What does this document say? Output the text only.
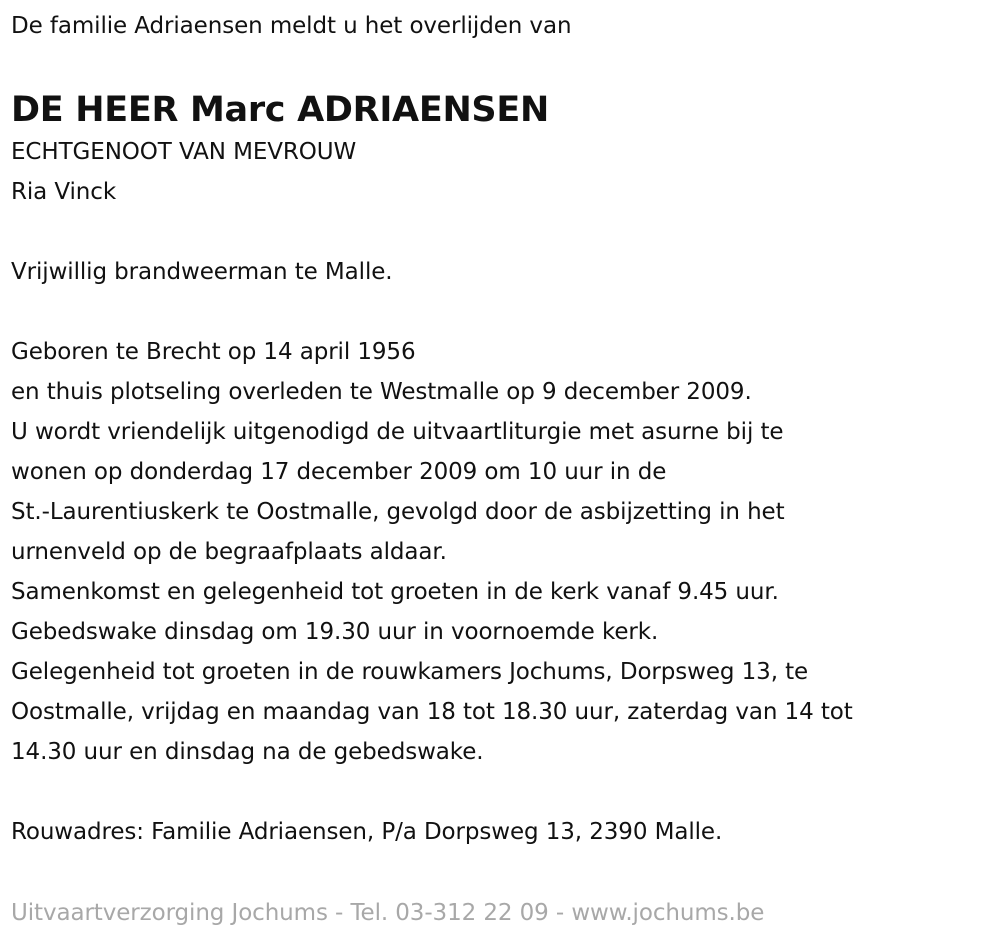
De familie Adriaensen meldt u het overlijden van
DE HEER Marc ADRIAENSEN
ECHTGENOOT VAN MEVROUW
Ria Vinck
Vrijwillig brandweerman te Malle.
Geboren te Brecht op 14 april 1956
en thuis plotseling overleden te Westmalle op 9 december 2009.
U wordt vriendelijk uitgenodigd de uitvaartliturgie met asurne bij te
wonen op donderdag 17 december 2009 om 10 uur in de
St.-Laurentiuskerk te Oostmalle, gevolgd door de asbijzetting in het
urnenveld op de begraafplaats aldaar.
Samenkomst en gelegenheid tot groeten in de kerk vanaf 9.45 uur.
Gebedswake dinsdag om 19.30 uur in voornoemde kerk.
Gelegenheid tot groeten in de rouwkamers Jochums, Dorpsweg 13, te
Oostmalle, vrijdag en maandag van 18 tot 18.30 uur, zaterdag van 14 tot
14.30 uur en dinsdag na de gebedswake.
Rouwadres: Familie Adriaensen, P/a Dorpsweg 13, 2390 Malle.
Uitvaartverzorging Jochums - Tel. 03-312 22 09 - www.jochums.be
